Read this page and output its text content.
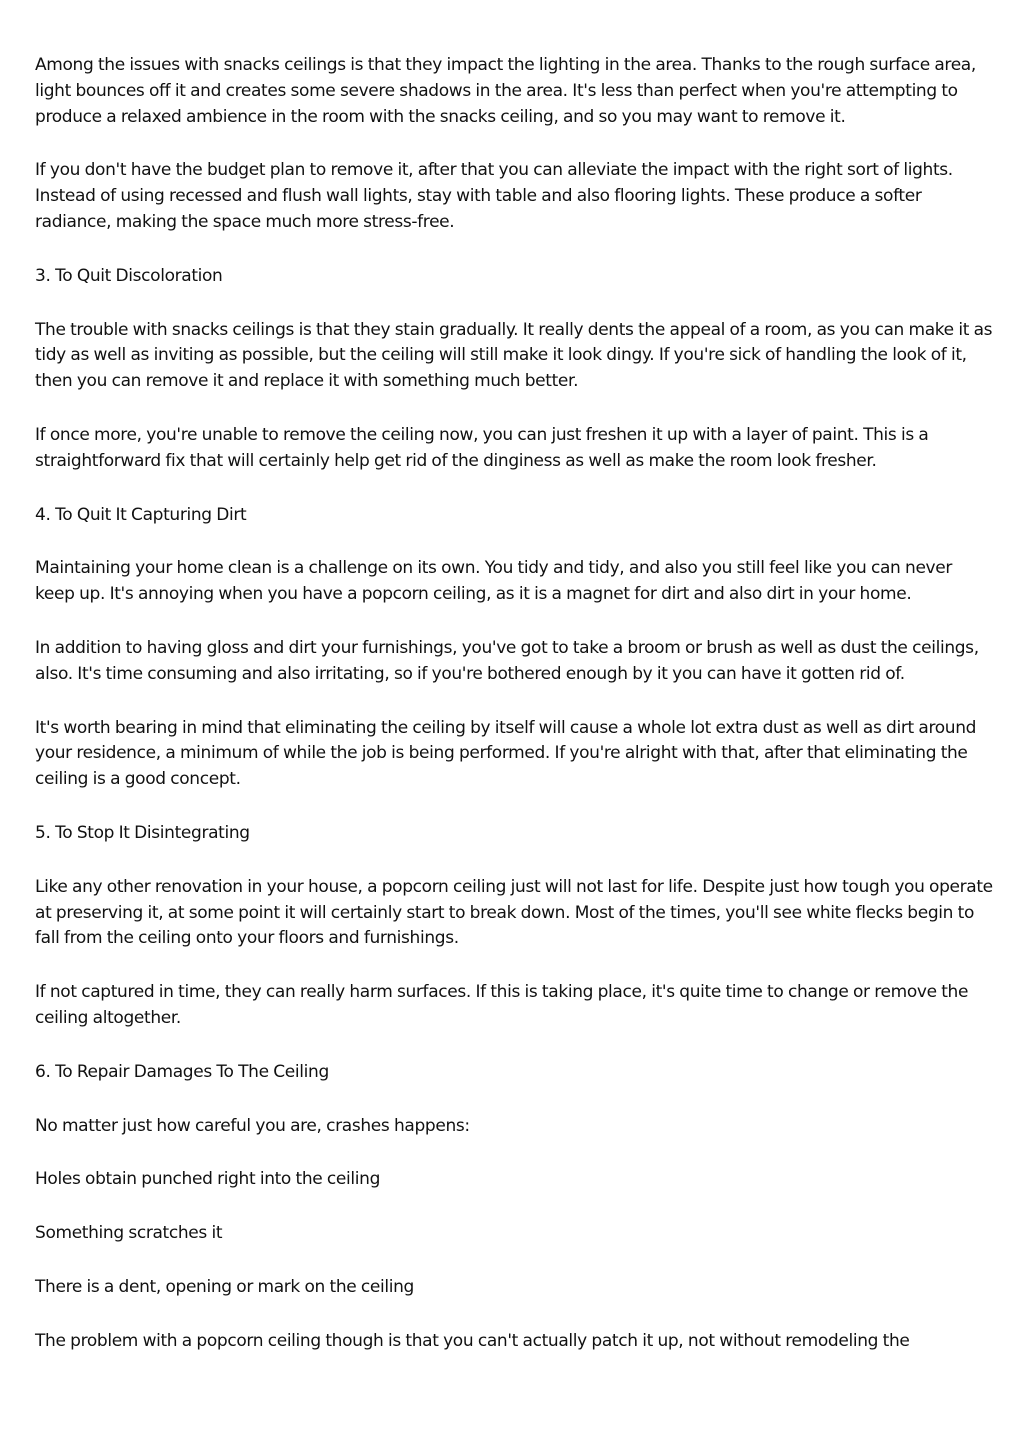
Among the issues with snacks ceilings is that they impact the lighting in the area. Thanks to the rough surface area, light bounces off it and creates some severe shadows in the area. It's less than perfect when you're attempting to produce a relaxed ambience in the room with the snacks ceiling, and so you may want to remove it.

If you don't have the budget plan to remove it, after that you can alleviate the impact with the right sort of lights. Instead of using recessed and flush wall lights, stay with table and also flooring lights. These produce a softer radiance, making the space much more stress-free.

3. To Quit Discoloration

The trouble with snacks ceilings is that they stain gradually. It really dents the appeal of a room, as you can make it as tidy as well as inviting as possible, but the ceiling will still make it look dingy. If you're sick of handling the look of it, then you can remove it and replace it with something much better.

If once more, you're unable to remove the ceiling now, you can just freshen it up with a layer of paint. This is a straightforward fix that will certainly help get rid of the dinginess as well as make the room look fresher.

4. To Quit It Capturing Dirt

Maintaining your home clean is a challenge on its own. You tidy and tidy, and also you still feel like you can never keep up. It's annoying when you have a popcorn ceiling, as it is a magnet for dirt and also dirt in your home.

In addition to having gloss and dirt your furnishings, you've got to take a broom or brush as well as dust the ceilings, also. It's time consuming and also irritating, so if you're bothered enough by it you can have it gotten rid of.

It's worth bearing in mind that eliminating the ceiling by itself will cause a whole lot extra dust as well as dirt around your residence, a minimum of while the job is being performed. If you're alright with that, after that eliminating the ceiling is a good concept.

5. To Stop It Disintegrating

Like any other renovation in your house, a popcorn ceiling just will not last for life. Despite just how tough you operate at preserving it, at some point it will certainly start to break down. Most of the times, you'll see white flecks begin to fall from the ceiling onto your floors and furnishings.

If not captured in time, they can really harm surfaces. If this is taking place, it's quite time to change or remove the ceiling altogether.

6. To Repair Damages To The Ceiling

No matter just how careful you are, crashes happens:

Holes obtain punched right into the ceiling

Something scratches it

There is a dent, opening or mark on the ceiling

The problem with a popcorn ceiling though is that you can't actually patch it up, not without remodeling the
